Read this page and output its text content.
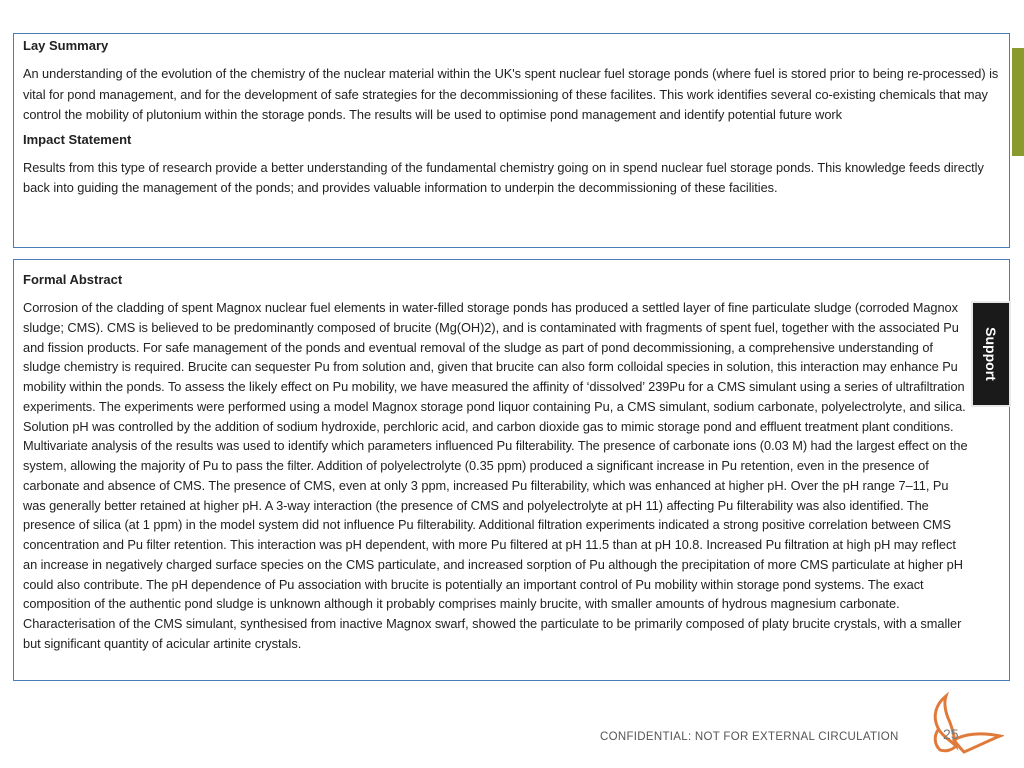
Lay Summary
An understanding of the evolution of the chemistry of the nuclear material within the UK's spent nuclear fuel storage ponds (where fuel is stored prior to being re-processed) is vital for pond management, and for the development of safe strategies for the decommissioning of these facilites. This work identifies several co-existing chemicals that may control the mobility of plutonium within the storage ponds. The results will be used to optimise pond management and identify potential future work
Impact Statement
Results from this type of research provide a better understanding of the fundamental chemistry going on in spend nuclear fuel storage ponds. This knowledge feeds directly back into guiding the management of the ponds; and provides valuable information to underpin the decommissioning of these facilities.
Formal Abstract
Corrosion of the cladding of spent Magnox nuclear fuel elements in water-filled storage ponds has produced a settled layer of fine particulate sludge (corroded Magnox sludge; CMS). CMS is believed to be predominantly composed of brucite (Mg(OH)2), and is contaminated with fragments of spent fuel, together with the associated Pu and fission products. For safe management of the ponds and eventual removal of the sludge as part of pond decommissioning, a comprehensive understanding of sludge chemistry is required. Brucite can sequester Pu from solution and, given that brucite can also form colloidal species in solution, this interaction may enhance Pu mobility within the ponds. To assess the likely effect on Pu mobility, we have measured the affinity of ‘dissolved’ 239Pu for a CMS simulant using a series of ultrafiltration experiments. The experiments were performed using a model Magnox storage pond liquor containing Pu, a CMS simulant, sodium carbonate, polyelectrolyte, and silica. Solution pH was controlled by the addition of sodium hydroxide, perchloric acid, and carbon dioxide gas to mimic storage pond and effluent treatment plant conditions. Multivariate analysis of the results was used to identify which parameters influenced Pu filterability. The presence of carbonate ions (0.03 M) had the largest effect on the system, allowing the majority of Pu to pass the filter. Addition of polyelectrolyte (0.35 ppm) produced a significant increase in Pu retention, even in the presence of carbonate and absence of CMS. The presence of CMS, even at only 3 ppm, increased Pu filterability, which was enhanced at higher pH. Over the pH range 7–11, Pu was generally better retained at higher pH. A 3-way interaction (the presence of CMS and polyelectrolyte at pH 11) affecting Pu filterability was also identified. The presence of silica (at 1 ppm) in the model system did not influence Pu filterability. Additional filtration experiments indicated a strong positive correlation between CMS concentration and Pu filter retention. This interaction was pH dependent, with more Pu filtered at pH 11.5 than at pH 10.8. Increased Pu filtration at high pH may reflect an increase in negatively charged surface species on the CMS particulate, and increased sorption of Pu although the precipitation of more CMS particulate at higher pH could also contribute. The pH dependence of Pu association with brucite is potentially an important control of Pu mobility within storage pond systems. The exact composition of the authentic pond sludge is unknown although it probably comprises mainly brucite, with smaller amounts of hydrous magnesium carbonate. Characterisation of the CMS simulant, synthesised from inactive Magnox swarf, showed the particulate to be primarily composed of platy brucite crystals, with a smaller but significant quantity of acicular artinite crystals.
Support
CONFIDENTIAL: NOT FOR EXTERNAL CIRCULATION	25
